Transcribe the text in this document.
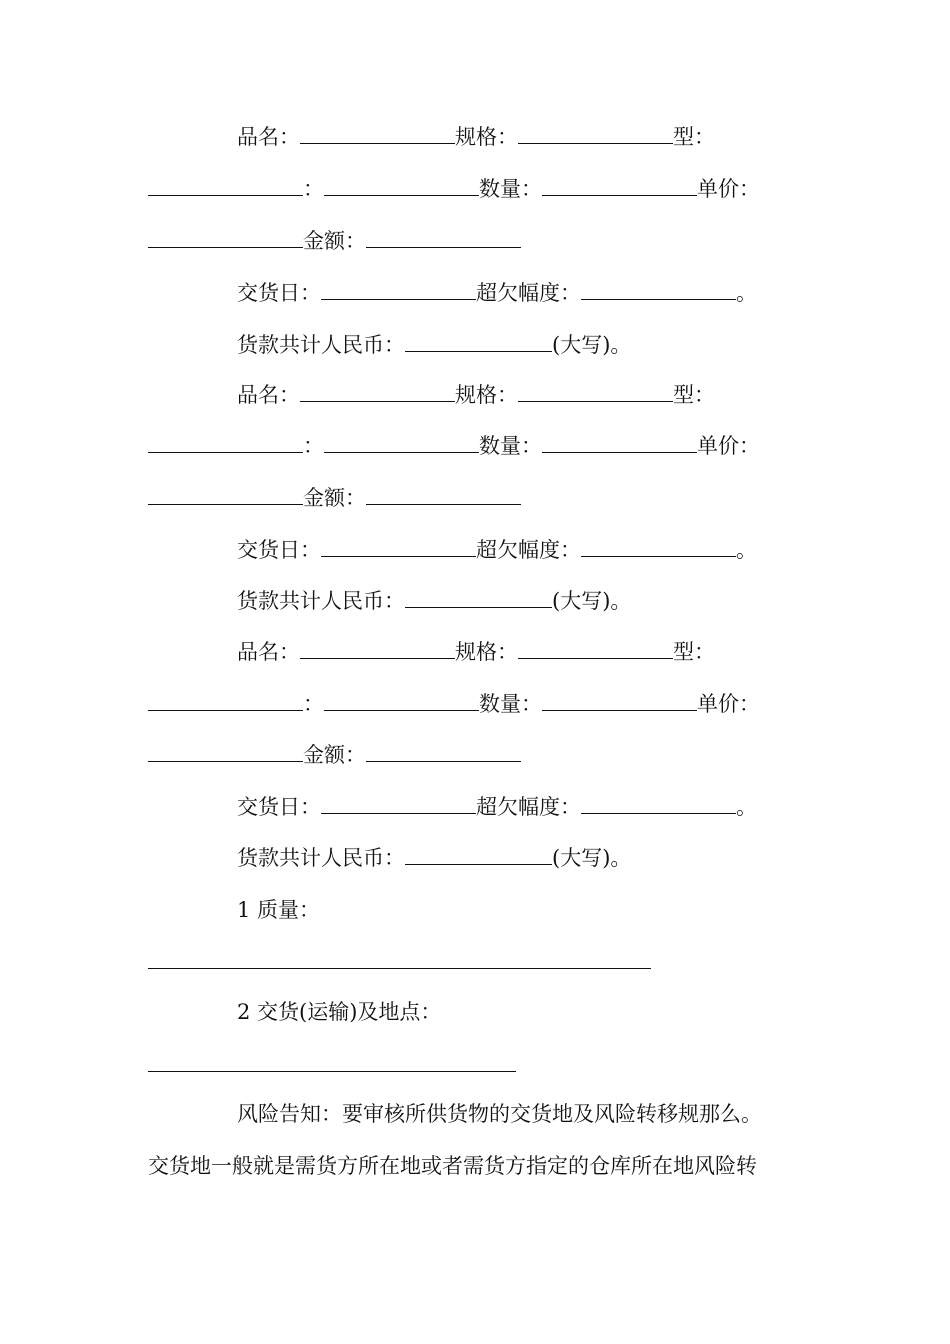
品名：	规格：	型：
：	数量：	单价：
金额：
交货日：	超欠幅度：	。
货款共计人民币：	(大写)。
品名：	规格：	型：
：	数量：	单价：
金额：
交货日：	超欠幅度：	。
货款共计人民币：	(大写)。
品名：	规格：	型：
：	数量：	单价：
金额：
交货日：	超欠幅度：	。
货款共计人民币：	(大写)。
1 质量：
2 交货(运输)及地点：
风险告知：要审核所供货物的交货地及风险转移规那么。
交货地一般就是需货方所在地或者需货方指定的仓库所在地风险转
